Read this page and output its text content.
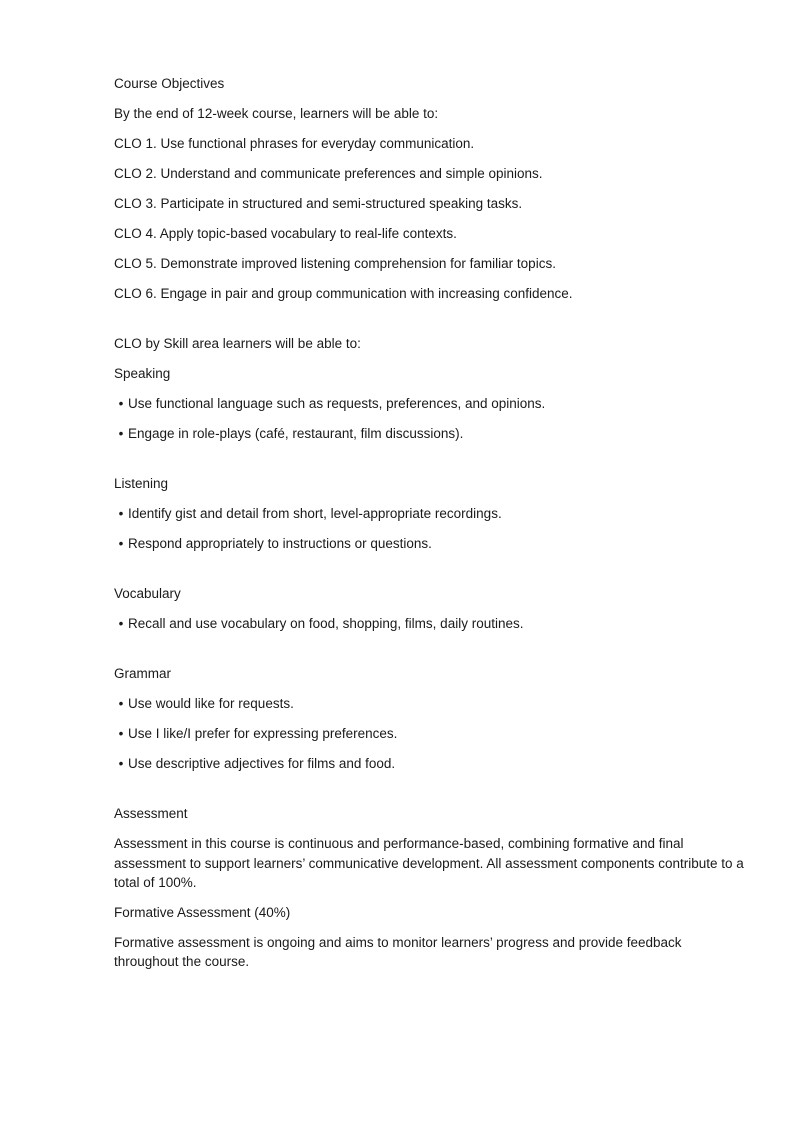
Course Objectives
By the end of 12-week course, learners will be able to:
CLO 1. Use functional phrases for everyday communication.
CLO 2. Understand and communicate preferences and simple opinions.
CLO 3. Participate in structured and semi-structured speaking tasks.
CLO 4. Apply topic-based vocabulary to real-life contexts.
CLO 5. Demonstrate improved listening comprehension for familiar topics.
CLO 6. Engage in pair and group communication with increasing confidence.
CLO by Skill area learners will be able to:
Speaking
• Use functional language such as requests, preferences, and opinions.
• Engage in role-plays (café, restaurant, film discussions).
Listening
• Identify gist and detail from short, level-appropriate recordings.
• Respond appropriately to instructions or questions.
Vocabulary
• Recall and use vocabulary on food, shopping, films, daily routines.
Grammar
• Use would like for requests.
• Use I like/I prefer for expressing preferences.
• Use descriptive adjectives for films and food.
Assessment
Assessment in this course is continuous and performance-based, combining formative and final assessment to support learners’ communicative development. All assessment components contribute to a total of 100%.
Formative Assessment (40%)
Formative assessment is ongoing and aims to monitor learners’ progress and provide feedback throughout the course.
